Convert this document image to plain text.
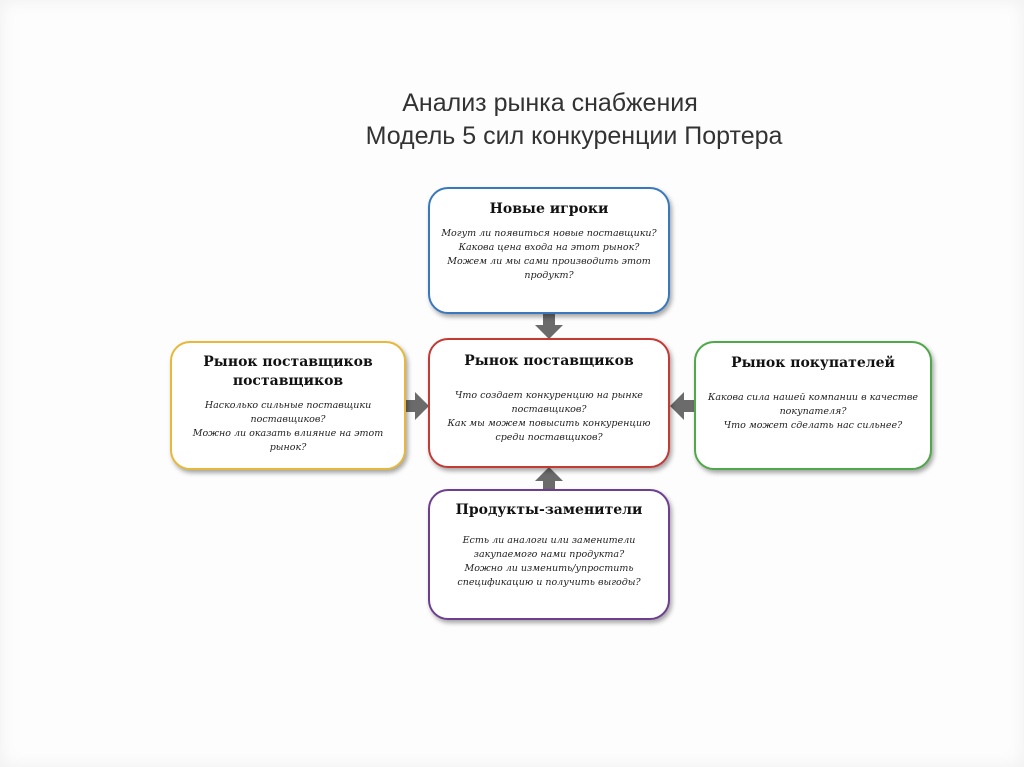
Анализ рынка снабжения
Модель 5 сил конкуренции Портера

Новые игроки

Могут ли появиться новые поставщики?
Какова цена входа на этот рынок?
Можем ли мы сами производить этот
продукт?

Рынок поставщиков

Что создает конкуренцию на рынке
поставщиков?
Как мы можем повысить конкуренцию
среди поставщиков?

Рынок поставщиков
поставщиков

Насколько сильные поставщики
поставщиков?
Можно ли оказать влияние на этот
рынок?

Рынок покупателей

Какова сила нашей компании в качестве
покупателя?
Что может сделать нас сильнее?

Продукты-заменители

Есть ли аналоги или заменители
закупаемого нами продукта?
Можно ли изменить/упростить
спецификацию и получить выгоды?
